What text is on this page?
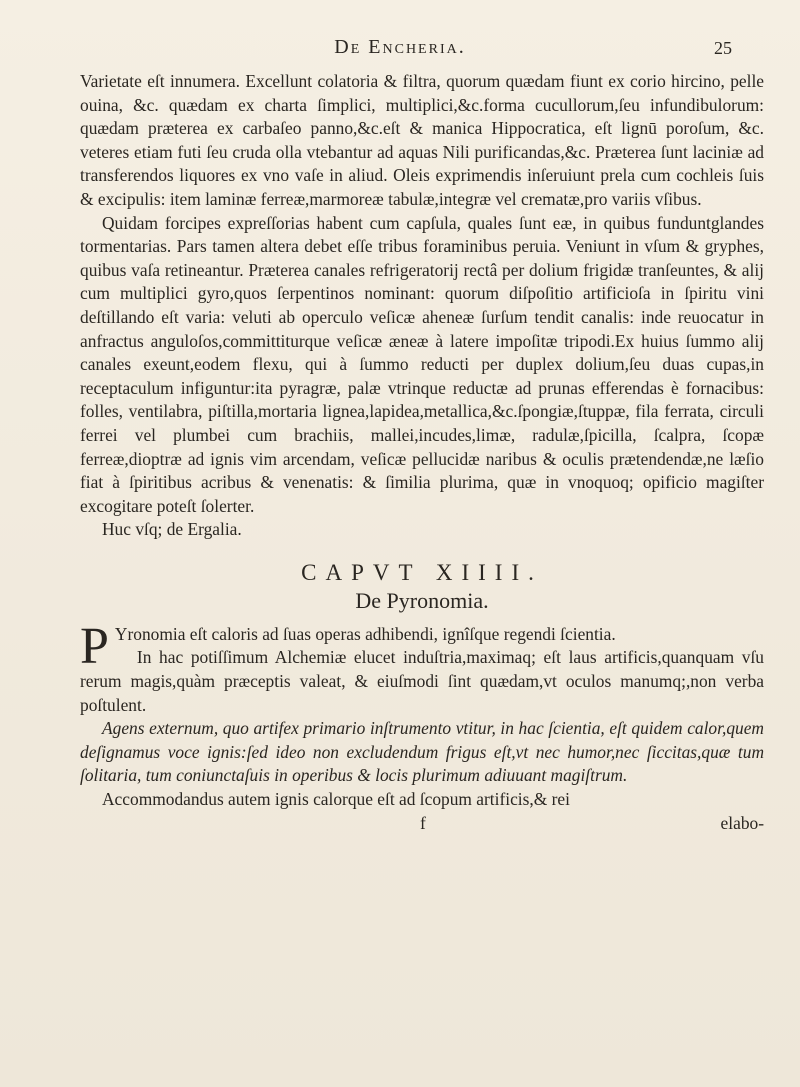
De Encheria.	25

Varietate eſt innumera. Excellunt colatoria & filtra, quorum quædam fiunt ex corio hircino, pelle ouina, &c. quædam ex charta ſimplici, multiplici,&c.forma cucullorum,ſeu infundibulorum: quædam præterea ex carbaſeo panno,&c.eſt & manica Hippocratica, eſt lignū poroſum, &c. veteres etiam futi ſeu cruda olla vtebantur ad aquas Nili purificandas,&c. Præterea ſunt laciniæ ad transferendos liquores ex vno vaſe in aliud. Oleis exprimendis inſeruiunt prela cum cochleis ſuis & excipulis: item laminæ ferreæ,marmoreæ tabulæ,integræ vel crematæ,pro variis vſibus.

Quidam forcipes expreſſorias habent cum capſula, quales ſunt eæ, in quibus funduntglandes tormentarias. Pars tamen altera debet eſſe tribus foraminibus peruia. Veniunt in vſum & gryphes, quibus vaſa retineantur. Præterea canales refrigeratorij rectâ per dolium frigidæ tranſeuntes, & alij cum multiplici gyro,quos ſerpentinos nominant: quorum diſpoſitio artificioſa in ſpiritu vini deſtillando eſt varia: veluti ab operculo veſicæ aheneæ ſurſum tendit canalis: inde reuocatur in anfractus anguloſos,committiturque veſicæ æneæ à latere impoſitæ tripodi.Ex huius ſummo alij canales exeunt,eodem flexu, qui à ſummo reducti per duplex dolium,ſeu duas cupas,in receptaculum infiguntur:ita pyragræ, palæ vtrinque reductæ ad prunas efferendas è fornacibus: folles, ventilabra, piſtilla,mortaria lignea,lapidea,metallica,&c.ſpongiæ,ſtuppæ, fila ferrata, circuli ferrei vel plumbei cum brachiis, mallei,incudes,limæ, radulæ,ſpicilla, ſcalpra, ſcopæ ferreæ,dioptræ ad ignis vim arcendam, veſicæ pellucidæ naribus & oculis prætendendæ,ne læſio fiat à ſpiritibus acribus & venenatis: & ſimilia plurima, quæ in vnoquoq; opificio magiſter excogitare poteſt ſolerter.

Huc vſq; de Ergalia.

CAPVT XIIII.
De Pyronomia.

P Yronomia eſt caloris ad ſuas operas adhibendi, ignîſque regendi ſcientia.

In hac potiſſimum Alchemiæ elucet induſtria,maximaq; eſt laus artificis,quanquam vſu rerum magis,quàm præceptis valeat, & eiuſmodi ſint quædam,vt oculos manumq;,non verba poſtulent.

Agens externum, quo artifex primario inſtrumento vtitur, in hac ſcientia, eſt quidem calor,quem deſignamus voce ignis:ſed ideo non excludendum frigus eſt,vt nec humor,nec ſiccitas,quæ tum ſolitaria, tum coniunctaſuis in operibus & locis plurimum adiuuant magiſtrum.

Accommodandus autem ignis calorque eſt ad ſcopum artificis,& rei

f	elabo-
